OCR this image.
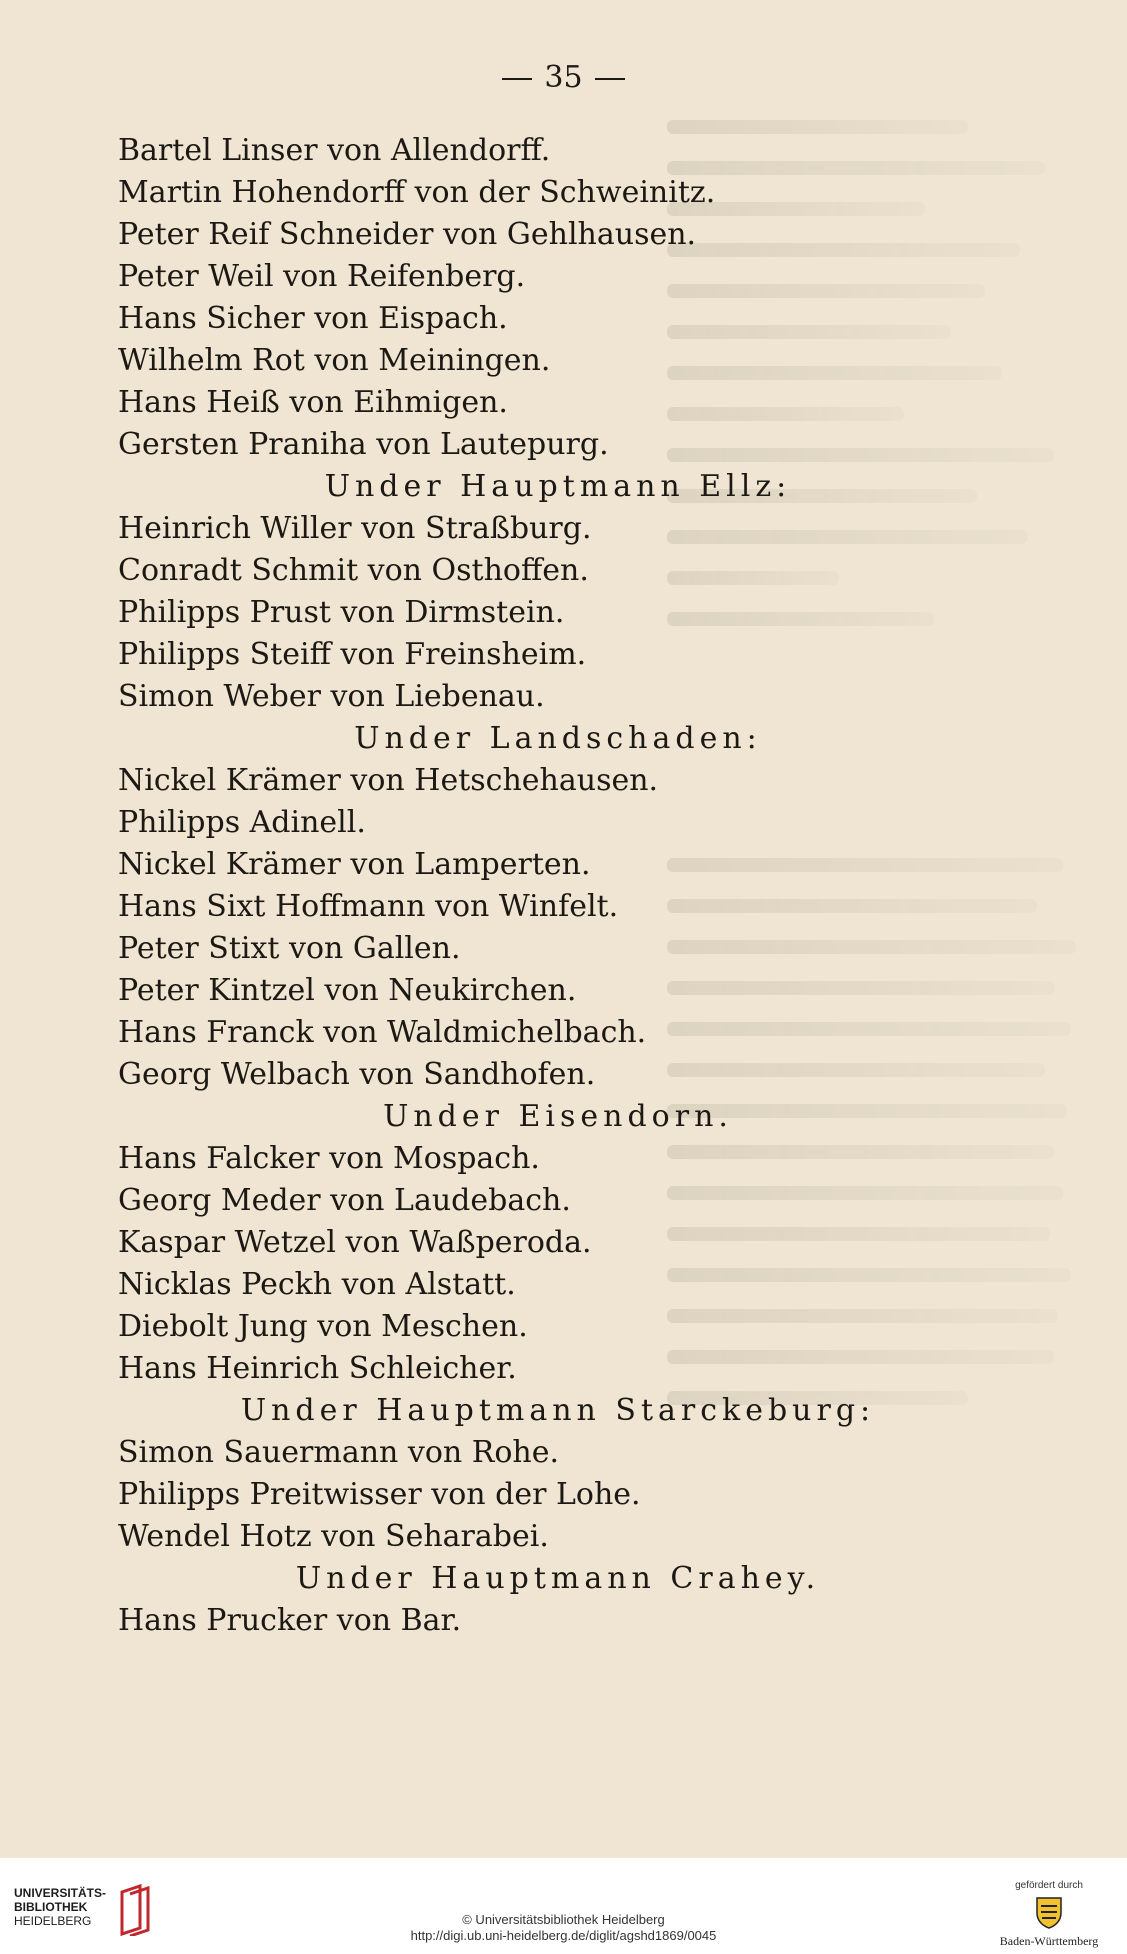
35
Bartel Linser von Allendorff.
Martin Hohendorff von der Schweinitz.
Peter Reif Schneider von Gehlhausen.
Peter Weil von Reifenberg.
Hans Sicher von Eispach.
Wilhelm Rot von Meiningen.
Hans Heiß von Eihmigen.
Gersten Praniha von Lautepurg.
Under Hauptmann Ellz:
Heinrich Willer von Straßburg.
Conradt Schmit von Osthoffen.
Philipps Prust von Dirmstein.
Philipps Steiff von Freinsheim.
Simon Weber von Liebenau.
Under Landschaden:
Nickel Krämer von Hetschehausen.
Philipps Adinell.
Nickel Krämer von Lamperten.
Hans Sixt Hoffmann von Winfelt.
Peter Stixt von Gallen.
Peter Kintzel von Neukirchen.
Hans Franck von Waldmichelbach.
Georg Welbach von Sandhofen.
Under Eisendorn.
Hans Falcker von Mospach.
Georg Meder von Laudebach.
Kaspar Wetzel von Waßperoda.
Nicklas Peckh von Alstatt.
Diebolt Jung von Meschen.
Hans Heinrich Schleicher.
Under Hauptmann Starckeburg:
Simon Sauermann von Rohe.
Philipps Preitwisser von der Lohe.
Wendel Hotz von Seharabei.
Under Hauptmann Crahey.
Hans Prucker von Bar.
UNIVERSITÄTS-
BIBLIOTHEK
HEIDELBERG	© Universitätsbibliothek Heidelberg
http://digi.ub.uni-heidelberg.de/diglit/agshd1869/0045
gefördert durch
Baden-Württemberg
